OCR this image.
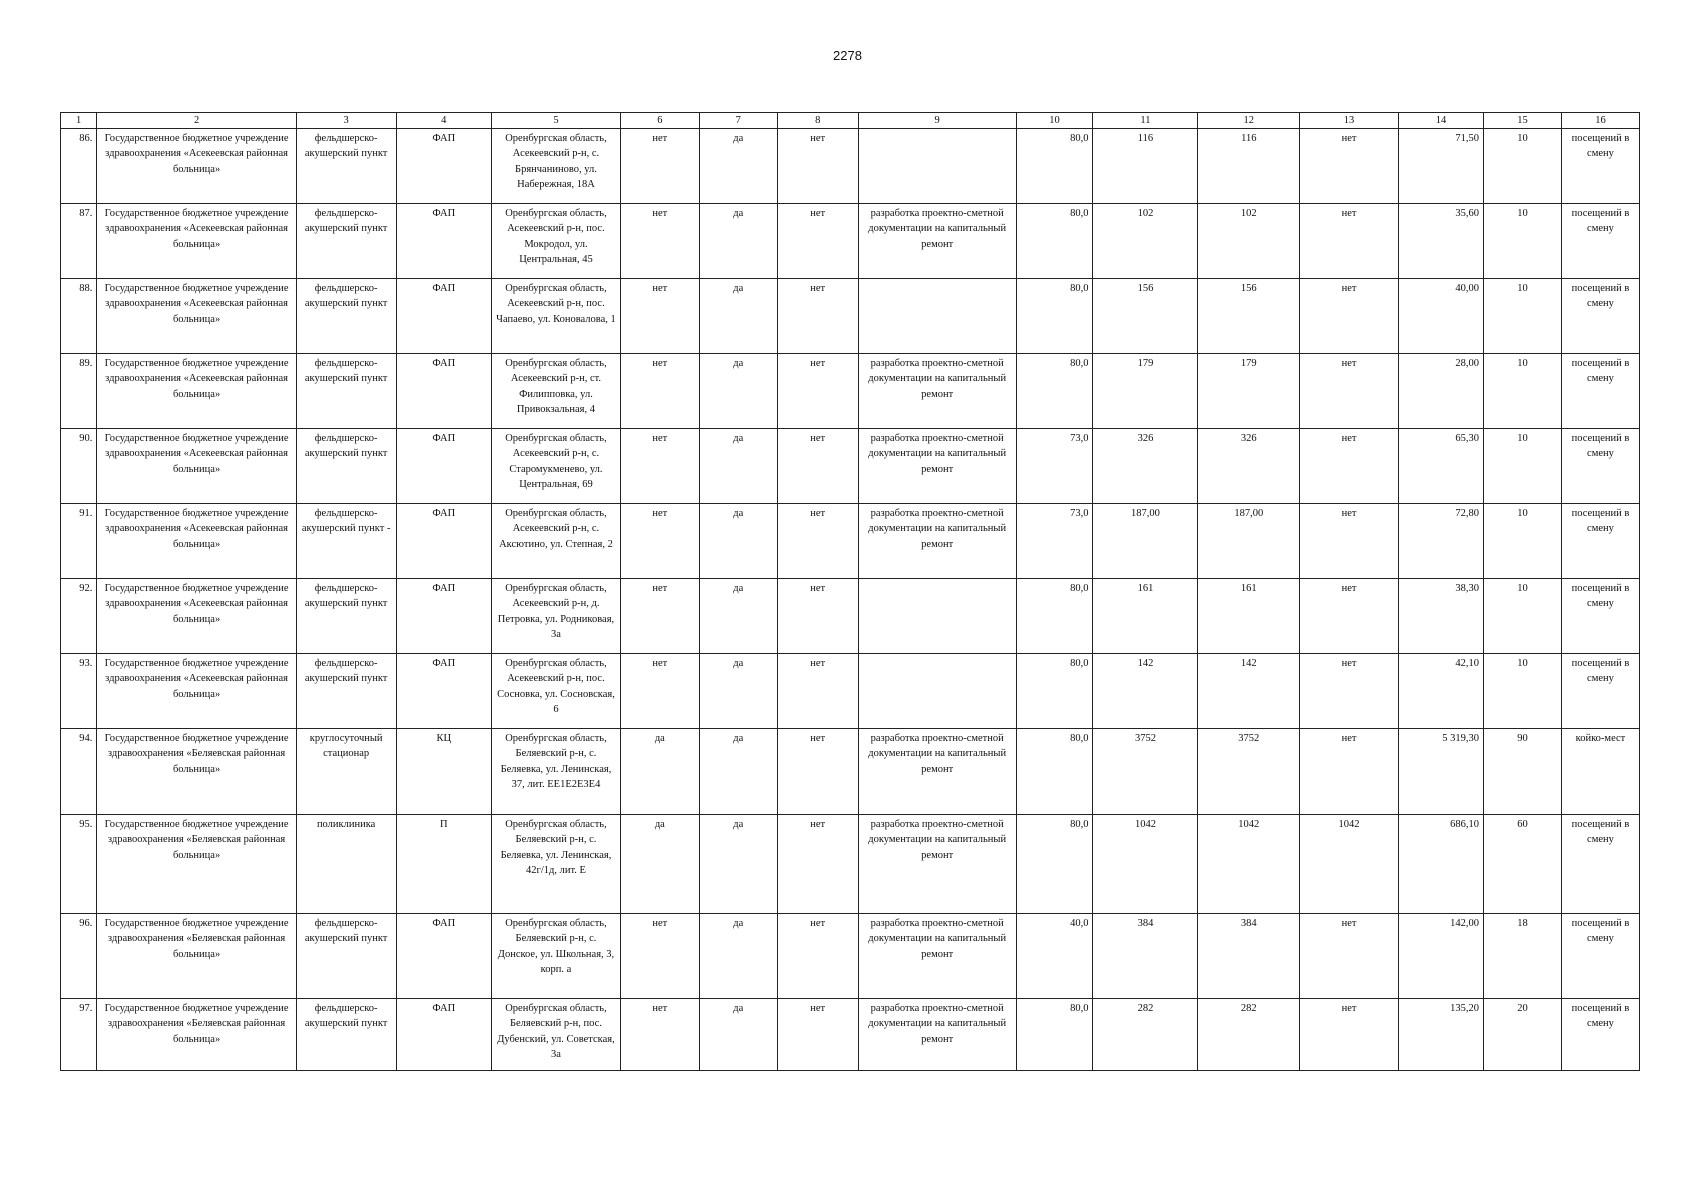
2278
1	2	3	4	5	6	7	8	9	10	11	12	13	14	15	16
86.	Государственное бюджетное учреждение здравоохранения «Асекеевская районная больница»	фельдшерско-акушерский пункт	ФАП	Оренбургская область, Асекеевский р-н, с. Брянчаниново, ул. Набережная, 18А	нет	да	нет		80,0	116	116	нет	71,50	10	посещений в смену
87.	Государственное бюджетное учреждение здравоохранения «Асекеевская районная больница»	фельдшерско-акушерский пункт	ФАП	Оренбургская область, Асекеевский р-н, пос. Мокродол, ул. Центральная, 45	нет	да	нет	разработка проектно-сметной документации на капитальный ремонт	80,0	102	102	нет	35,60	10	посещений в смену
88.	Государственное бюджетное учреждение здравоохранения «Асекеевская районная больница»	фельдшерско-акушерский пункт	ФАП	Оренбургская область, Асекеевский р-н, пос. Чапаево, ул. Коновалова, 1	нет	да	нет		80,0	156	156	нет	40,00	10	посещений в смену
89.	Государственное бюджетное учреждение здравоохранения «Асекеевская районная больница»	фельдшерско-акушерский пункт	ФАП	Оренбургская область, Асекеевский р-н, ст. Филипповка, ул. Привокзальная, 4	нет	да	нет	разработка проектно-сметной документации на капитальный ремонт	80,0	179	179	нет	28,00	10	посещений в смену
90.	Государственное бюджетное учреждение здравоохранения «Асекеевская районная больница»	фельдшерско-акушерский пункт	ФАП	Оренбургская область, Асекеевский р-н, с. Старомукменево, ул. Центральная, 69	нет	да	нет	разработка проектно-сметной документации на капитальный ремонт	73,0	326	326	нет	65,30	10	посещений в смену
91.	Государственное бюджетное учреждение здравоохранения «Асекеевская районная больница»	фельдшерско-акушерский пункт -	ФАП	Оренбургская область, Асекеевский р-н, с. Аксютино, ул. Степная, 2	нет	да	нет	разработка проектно-сметной документации на капитальный ремонт	73,0	187,00	187,00	нет	72,80	10	посещений в смену
92.	Государственное бюджетное учреждение здравоохранения «Асекеевская районная больница»	фельдшерско-акушерский пункт	ФАП	Оренбургская область, Асекеевский р-н, д. Петровка, ул. Родниковая, 3а	нет	да	нет		80,0	161	161	нет	38,30	10	посещений в смену
93.	Государственное бюджетное учреждение здравоохранения «Асекеевская районная больница»	фельдшерско-акушерский пункт	ФАП	Оренбургская область, Асекеевский р-н, пос. Сосновка, ул. Сосновская, 6	нет	да	нет		80,0	142	142	нет	42,10	10	посещений в смену
94.	Государственное бюджетное учреждение здравоохранения «Беляевская районная больница»	круглосуточный стационар	КЦ	Оренбургская область, Беляевский р-н, с. Беляевка, ул. Ленинская, 37, лит. ЕЕ1Е2Е3Е4	да	да	нет	разработка проектно-сметной документации на капитальный ремонт	80,0	3752	3752	нет	5 319,30	90	койко-мест
95.	Государственное бюджетное учреждение здравоохранения «Беляевская районная больница»	поликлиника	П	Оренбургская область, Беляевский р-н, с. Беляевка, ул. Ленинская, 42г/1д, лит. Е	да	да	нет	разработка проектно-сметной документации на капитальный ремонт	80,0	1042	1042	1042	686,10	60	посещений в смену
96.	Государственное бюджетное учреждение здравоохранения «Беляевская районная больница»	фельдшерско-акушерский пункт	ФАП	Оренбургская область, Беляевский р-н, с. Донское, ул. Школьная, 3, корп. а	нет	да	нет	разработка проектно-сметной документации на капитальный ремонт	40,0	384	384	нет	142,00	18	посещений в смену
97.	Государственное бюджетное учреждение здравоохранения «Беляевская районная больница»	фельдшерско-акушерский пункт	ФАП	Оренбургская область, Беляевский р-н, пос. Дубенский, ул. Советская, 3а	нет	да	нет	разработка проектно-сметной документации на капитальный ремонт	80,0	282	282	нет	135,20	20	посещений в смену
